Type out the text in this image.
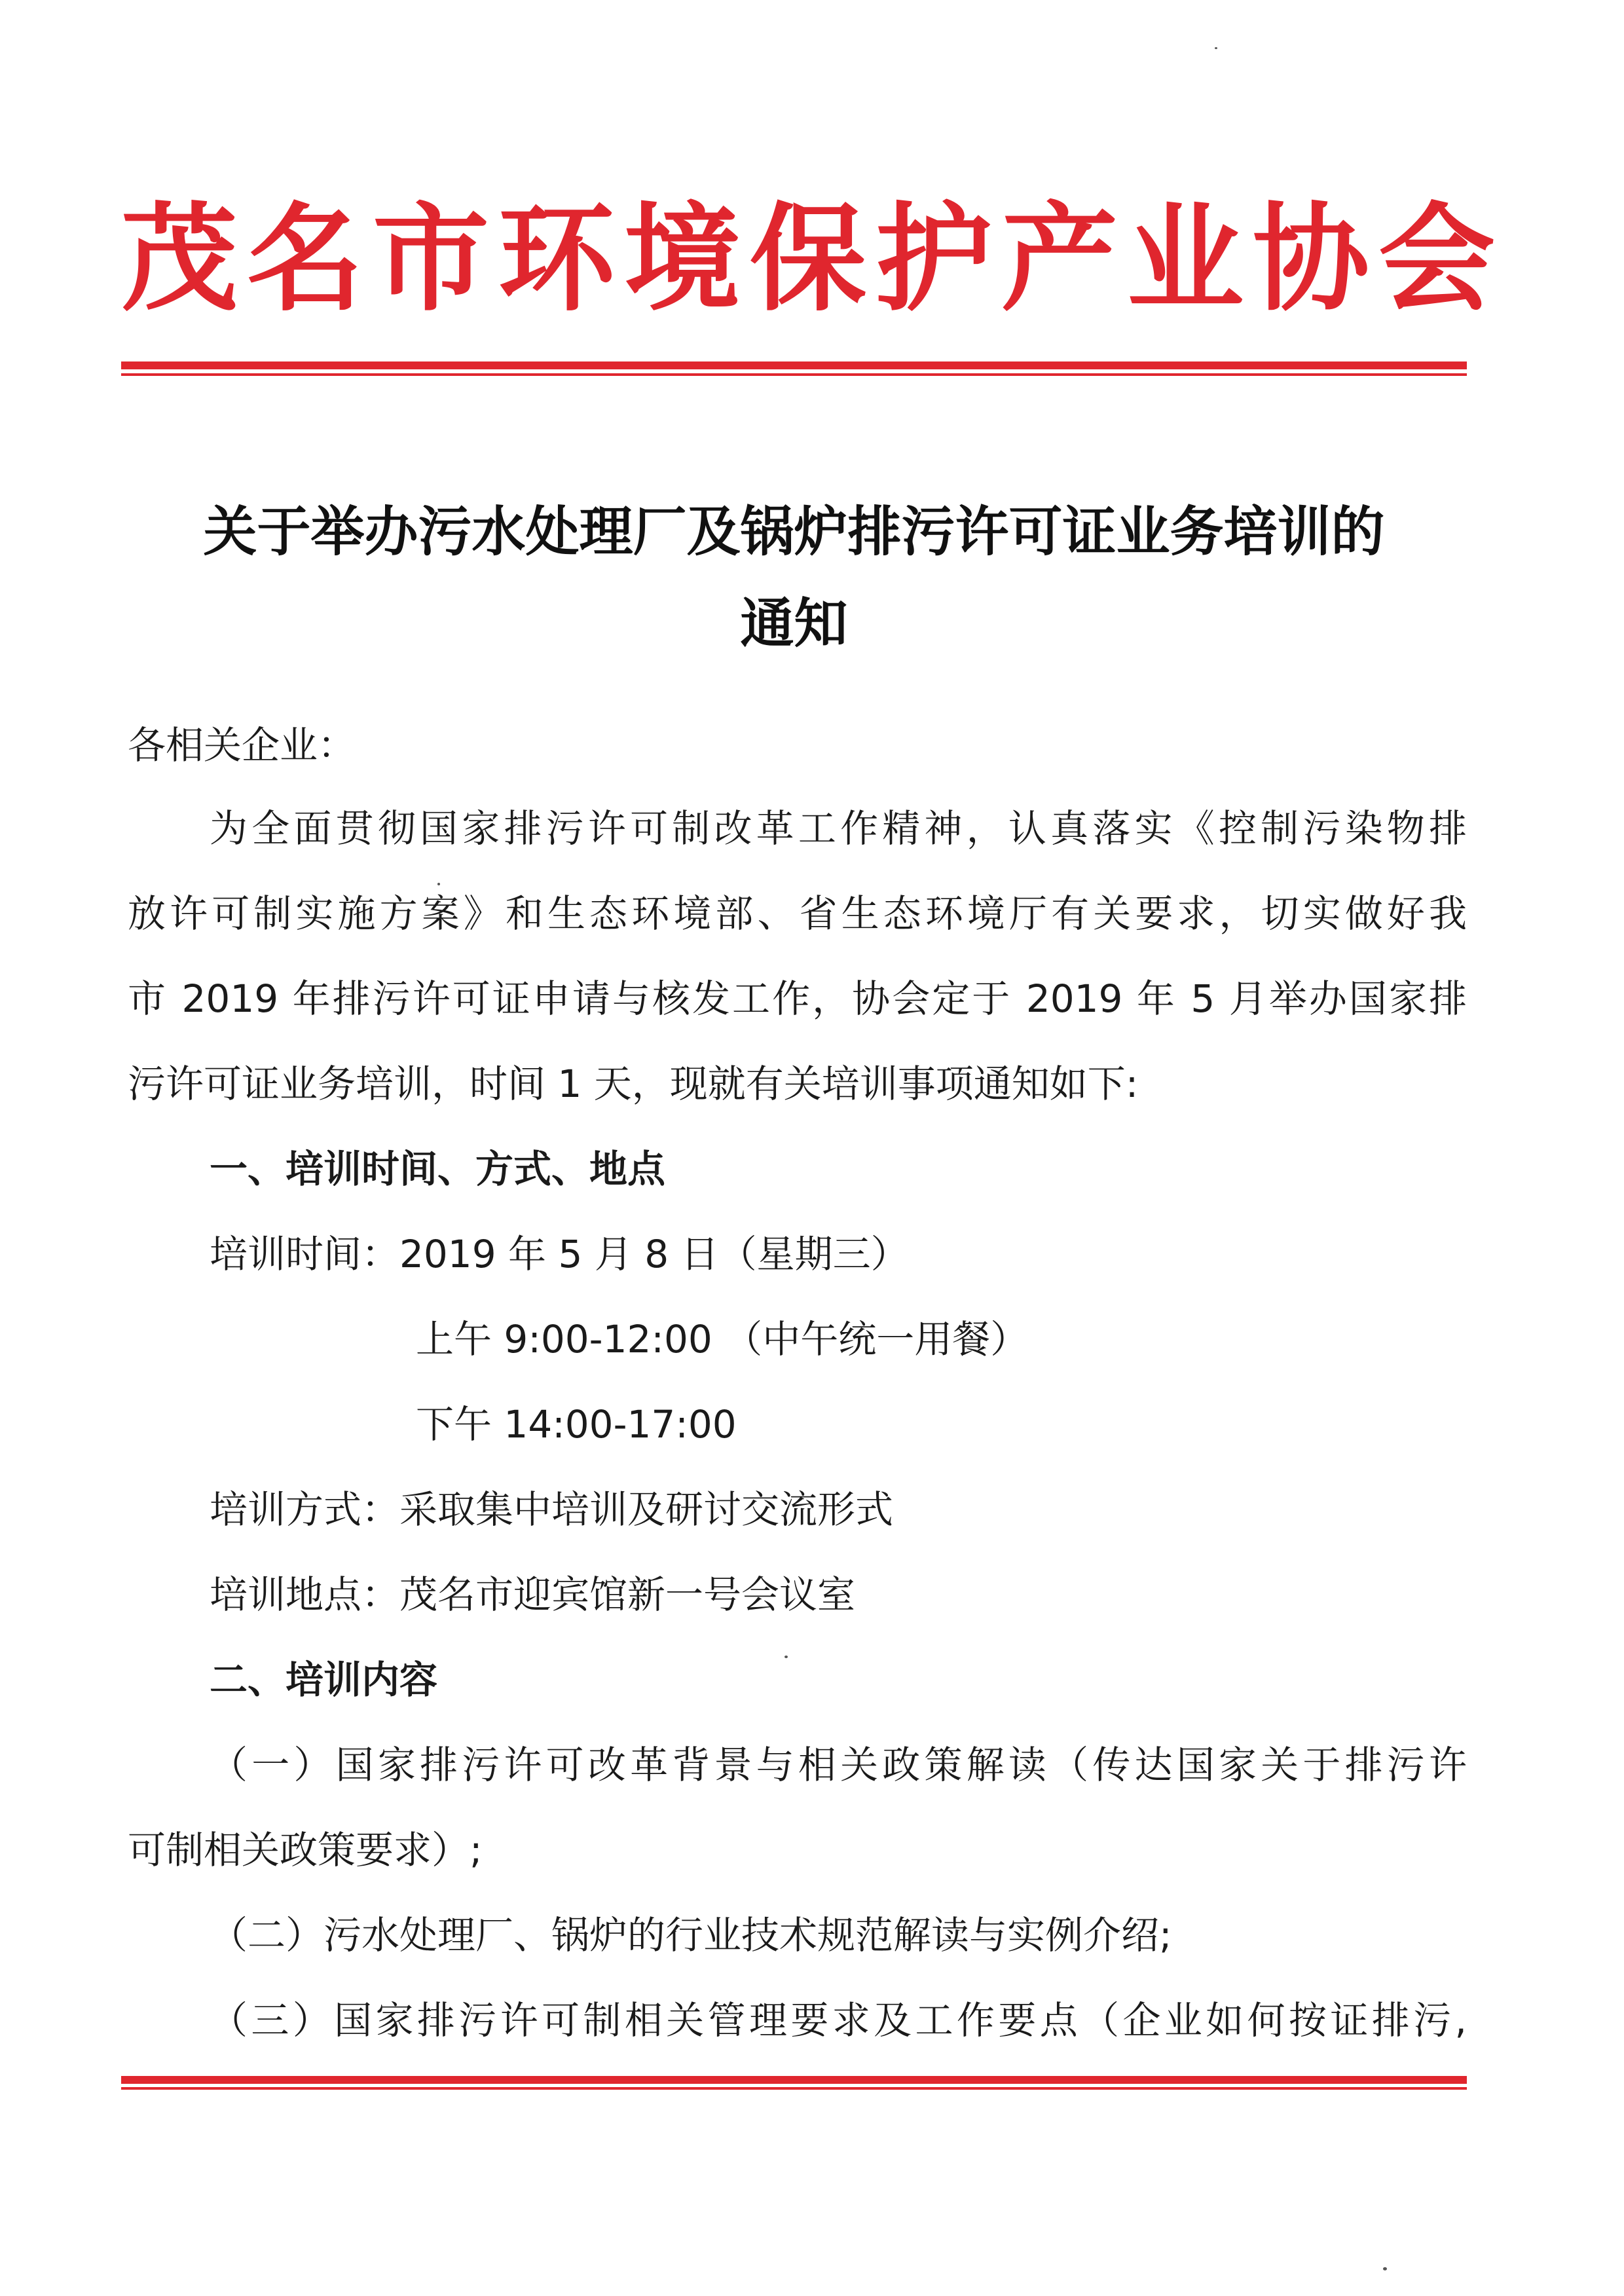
茂名市环境保护产业协会
关于举办污水处理厂及锅炉排污许可证业务培训的
通知
各相关企业：
为全面贯彻国家排污许可制改革工作精神，认真落实《控制污染物排
放许可制实施方案》和生态环境部、省生态环境厅有关要求，切实做好我
市 2019 年排污许可证申请与核发工作，协会定于 2019 年 5 月举办国家排
污许可证业务培训，时间 1 天，现就有关培训事项通知如下:
一、培训时间、方式、地点
培训时间：2019 年 5 月 8 日（星期三）
上午 9:00-12:00 （中午统一用餐）
下午 14:00-17:00
培训方式：采取集中培训及研讨交流形式
培训地点：茂名市迎宾馆新一号会议室
二、培训内容
（一）国家排污许可改革背景与相关政策解读（传达国家关于排污许
可制相关政策要求）;
（二）污水处理厂、锅炉的行业技术规范解读与实例介绍;
（三）国家排污许可制相关管理要求及工作要点（企业如何按证排污,
